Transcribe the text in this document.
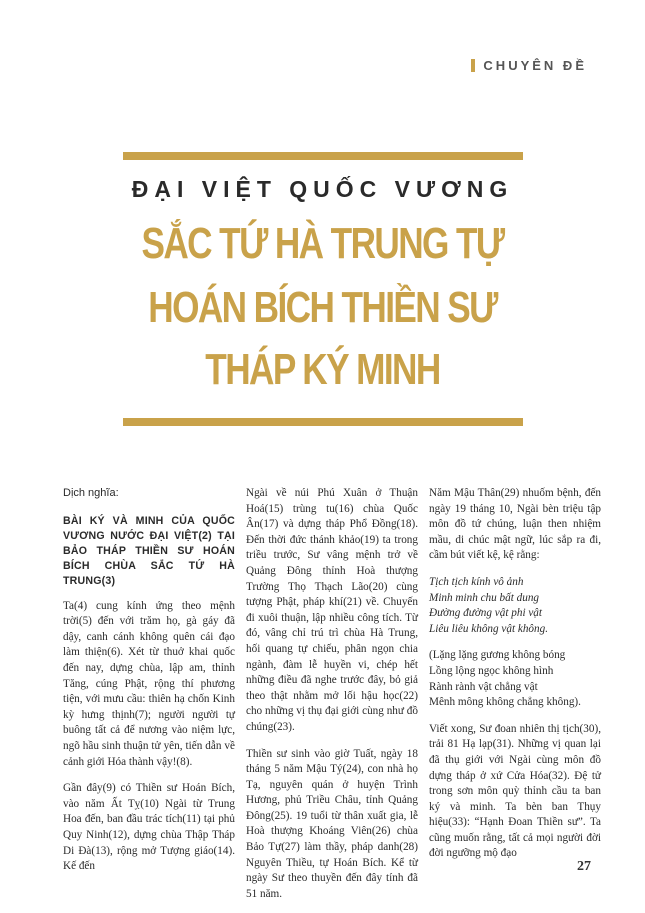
CHUYÊN ĐỀ
ĐẠI VIỆT QUỐC VƯƠNG
SẮC TỨ HÀ TRUNG TỰ
HOÁN BÍCH THIỀN SƯ
THÁP KÝ MINH

Dịch nghĩa:

BÀI KÝ VÀ MINH CỦA QUỐC VƯƠNG NƯỚC ĐẠI VIỆT(2) TẠI BẢO THÁP THIỀN SƯ HOÁN BÍCH CHÙA SẮC TỨ HÀ TRUNG(3)

Ta(4) cung kính ứng theo mệnh trời(5) đến với trăm họ, gà gáy đã dậy, canh cánh không quên cái đạo làm thiện(6). Xét từ thuở khai quốc đến nay, dựng chùa, lập am, thỉnh Tăng, cúng Phật, rộng thí phương tiện, với mưu cầu: thiên hạ chốn Kinh kỳ hưng thịnh(7); người người tự buông tất cả để nương vào niệm lực, ngõ hầu sinh thuận tử yên, tiến dẫn về cảnh giới Hóa thành vậy!(8).

Gần đây(9) có Thiền sư Hoán Bích, vào năm Ất Tỵ(10) Ngài từ Trung Hoa đến, ban đầu trác tích(11) tại phủ Quy Ninh(12), dựng chùa Thập Tháp Di Đà(13), rộng mở Tượng giáo(14). Kế đến

Ngài về núi Phú Xuân ở Thuận Hoá(15) trùng tu(16) chùa Quốc Ân(17) và dựng tháp Phổ Đồng(18). Đến thời đức thánh khảo(19) ta trong triều trước, Sư vâng mệnh trở về Quảng Đông thỉnh Hoà thượng Trường Thọ Thạch Lão(20) cùng tượng Phật, pháp khí(21) về. Chuyến đi xuôi thuận, lập nhiều công tích. Từ đó, vâng chỉ trú trì chùa Hà Trung, hối quang tự chiếu, phân ngọn chia ngành, đàm lễ huyền vi, chép hết những điều đã nghe trước đây, bỏ giả theo thật nhằm mở lối hậu học(22) cho những vị thụ đại giới cùng như đồ chúng(23).

Thiền sư sinh vào giờ Tuất, ngày 18 tháng 5 năm Mậu Tý(24), con nhà họ Tạ, nguyên quán ở huyện Trình Hương, phủ Triều Châu, tỉnh Quảng Đông(25). 19 tuổi từ thân xuất gia, lễ Hoà thượng Khoáng Viên(26) chùa Bảo Tự(27) làm thầy, pháp danh(28) Nguyên Thiều, tự Hoán Bích. Kể từ ngày Sư theo thuyền đến đây tính đã 51 năm.

Năm Mậu Thân(29) nhuốm bệnh, đến ngày 19 tháng 10, Ngài bèn triệu tập môn đồ tứ chúng, luận then nhiệm mầu, di chúc mật ngữ, lúc sắp ra đi, cầm bút viết kệ, kệ rằng:

Tịch tịch kính vô ảnh
Minh minh chu bất dung
Đường đường vật phi vật
Liêu liêu không vật không.
(Lặng lặng gương không bóng
Lồng lộng ngọc không hình
Rành rành vật chẳng vật
Mênh mông không chẳng không).

Viết xong, Sư đoan nhiên thị tịch(30), trải 81 Hạ lạp(31). Những vị quan lại đã thụ giới với Ngài cùng môn đồ dựng tháp ở xứ Cửa Hóa(32). Đệ tử trong sơn môn quỳ thỉnh cầu ta ban ký và minh. Ta bèn ban Thụy hiệu(33): “Hạnh Đoan Thiền sư”. Ta cũng muốn rằng, tất cả mọi người đời đời ngưỡng mộ đạo

27
